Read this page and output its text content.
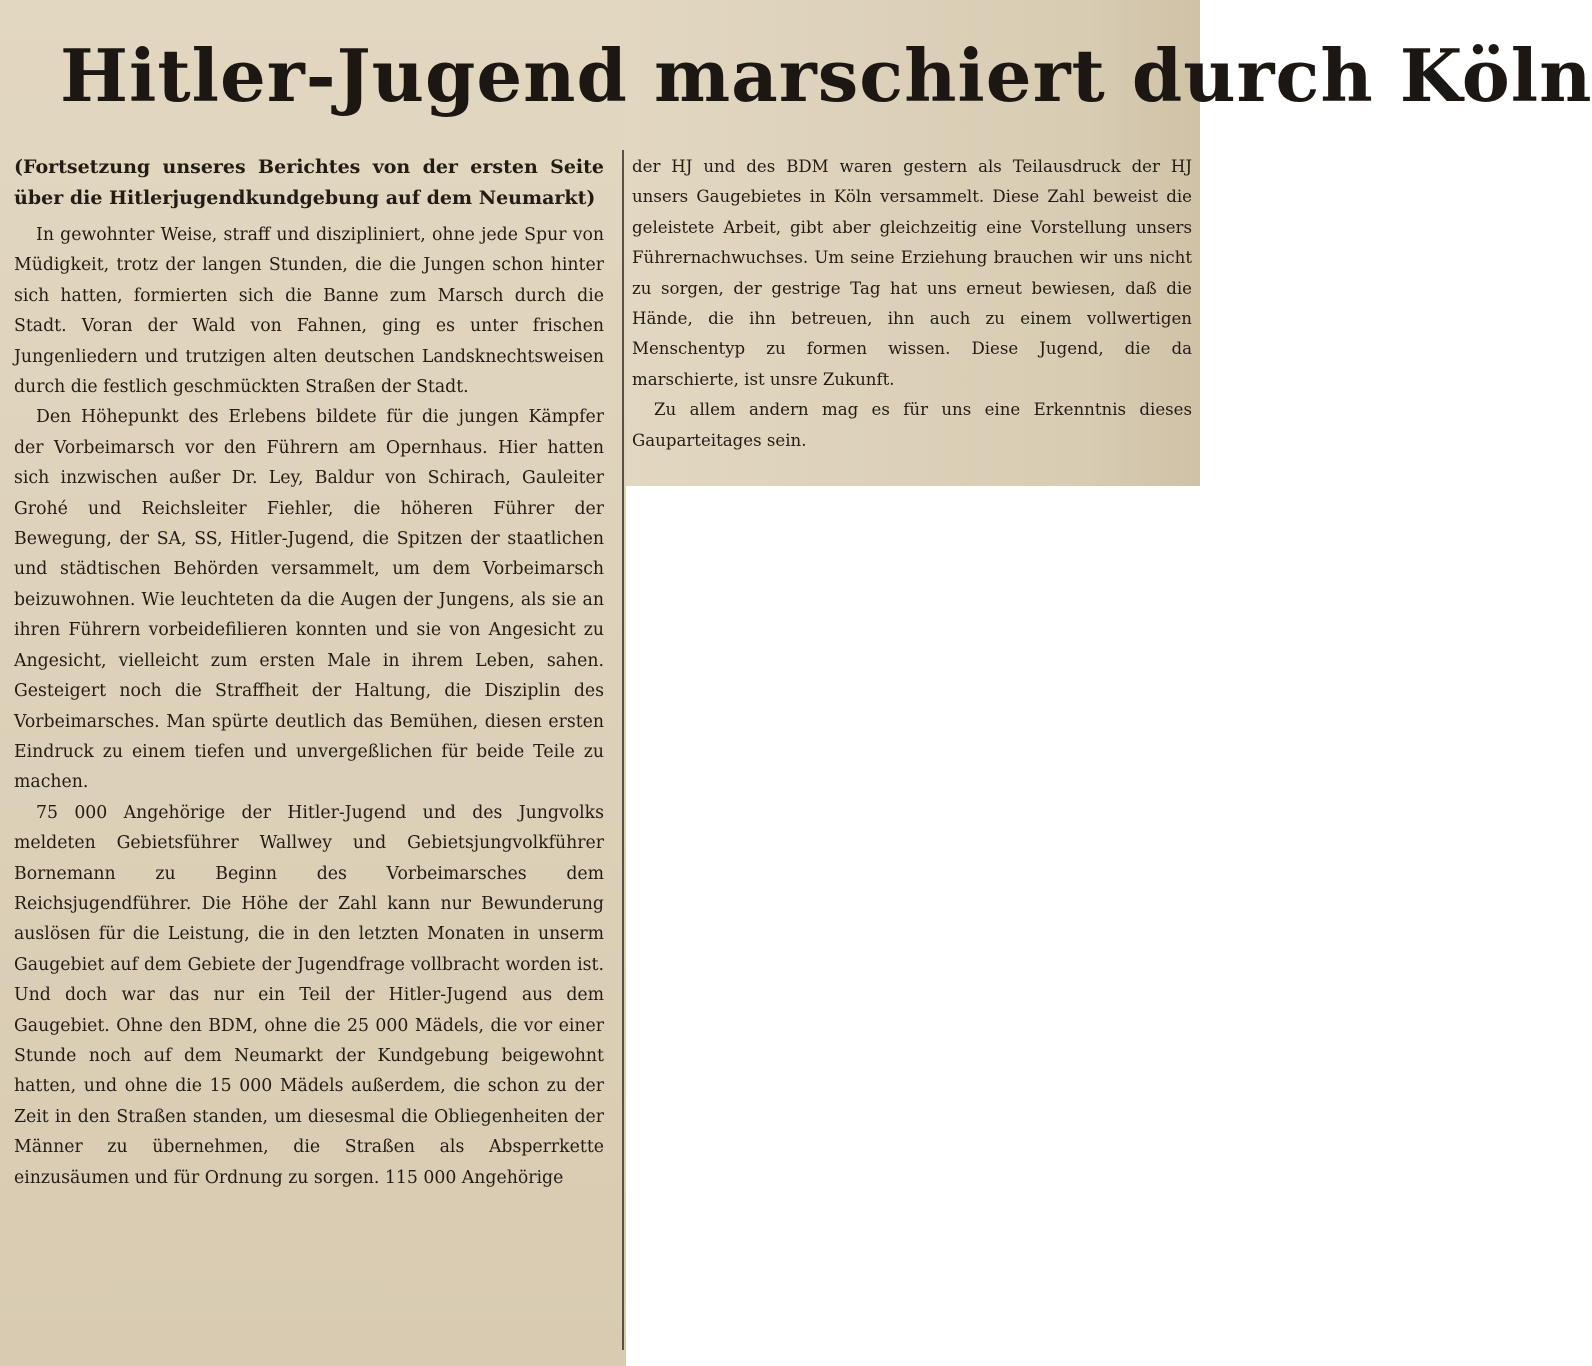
Hitler-Jugend marschiert durch Köln
(Fortsetzung unseres Berichtes von der ersten Seite über die Hitlerjugendkundgebung auf dem Neumarkt)

In gewohnter Weise, straff und diszipliniert, ohne jede Spur von Müdigkeit, trotz der langen Stunden, die die Jungen schon hinter sich hatten, formierten sich die Banne zum Marsch durch die Stadt. Voran der Wald von Fahnen, ging es unter frischen Jungenliedern und trutzigen alten deutschen Landsknechtsweisen durch die festlich geschmückten Straßen der Stadt.

Den Höhepunkt des Erlebens bildete für die jungen Kämpfer der Vorbeimarsch vor den Führern am Opernhaus. Hier hatten sich inzwischen außer Dr. Ley, Baldur von Schirach, Gauleiter Grohé und Reichsleiter Fiehler, die höheren Führer der Bewegung, der SA, SS, Hitler-Jugend, die Spitzen der staatlichen und städtischen Behörden versammelt, um dem Vorbeimarsch beizuwohnen. Wie leuchteten da die Augen der Jungens, als sie an ihren Führern vorbeidefilieren konnten und sie von Angesicht zu Angesicht, vielleicht zum ersten Male in ihrem Leben, sahen. Gesteigert noch die Straffheit der Haltung, die Disziplin des Vorbeimarsches. Man spürte deutlich das Bemühen, diesen ersten Eindruck zu einem tiefen und unvergeßlichen für beide Teile zu machen.

75 000 Angehörige der Hitler-Jugend und des Jungvolks meldeten Gebietsführer Wallwey und Gebietsjungvolkführer Bornemann zu Beginn des Vorbeimarsches dem Reichsjugendführer. Die Höhe der Zahl kann nur Bewunderung auslösen für die Leistung, die in den letzten Monaten in unserm Gaugebiet auf dem Gebiete der Jugendfrage vollbracht worden ist. Und doch war das nur ein Teil der Hitler-Jugend aus dem Gaugebiet. Ohne den BDM, ohne die 25 000 Mädels, die vor einer Stunde noch auf dem Neumarkt der Kundgebung beigewohnt hatten, und ohne die 15 000 Mädels außerdem, die schon zu der Zeit in den Straßen standen, um diesesmal die Obliegenheiten der Männer zu übernehmen, die Straßen als Absperrkette einzusäumen und für Ordnung zu sorgen. 115 000 Angehörige

der HJ und des BDM waren gestern als Teilausdruck der HJ unsers Gaugebietes in Köln versammelt. Diese Zahl beweist die geleistete Arbeit, gibt aber gleichzeitig eine Vorstellung unsers Führernachwuchses. Um seine Erziehung brauchen wir uns nicht zu sorgen, der gestrige Tag hat uns erneut bewiesen, daß die Hände, die ihn betreuen, ihn auch zu einem vollwertigen Menschentyp zu formen wissen. Diese Jugend, die da marschierte, ist unsre Zukunft.

Zu allem andern mag es für uns eine Erkenntnis dieses Gauparteitages sein.
